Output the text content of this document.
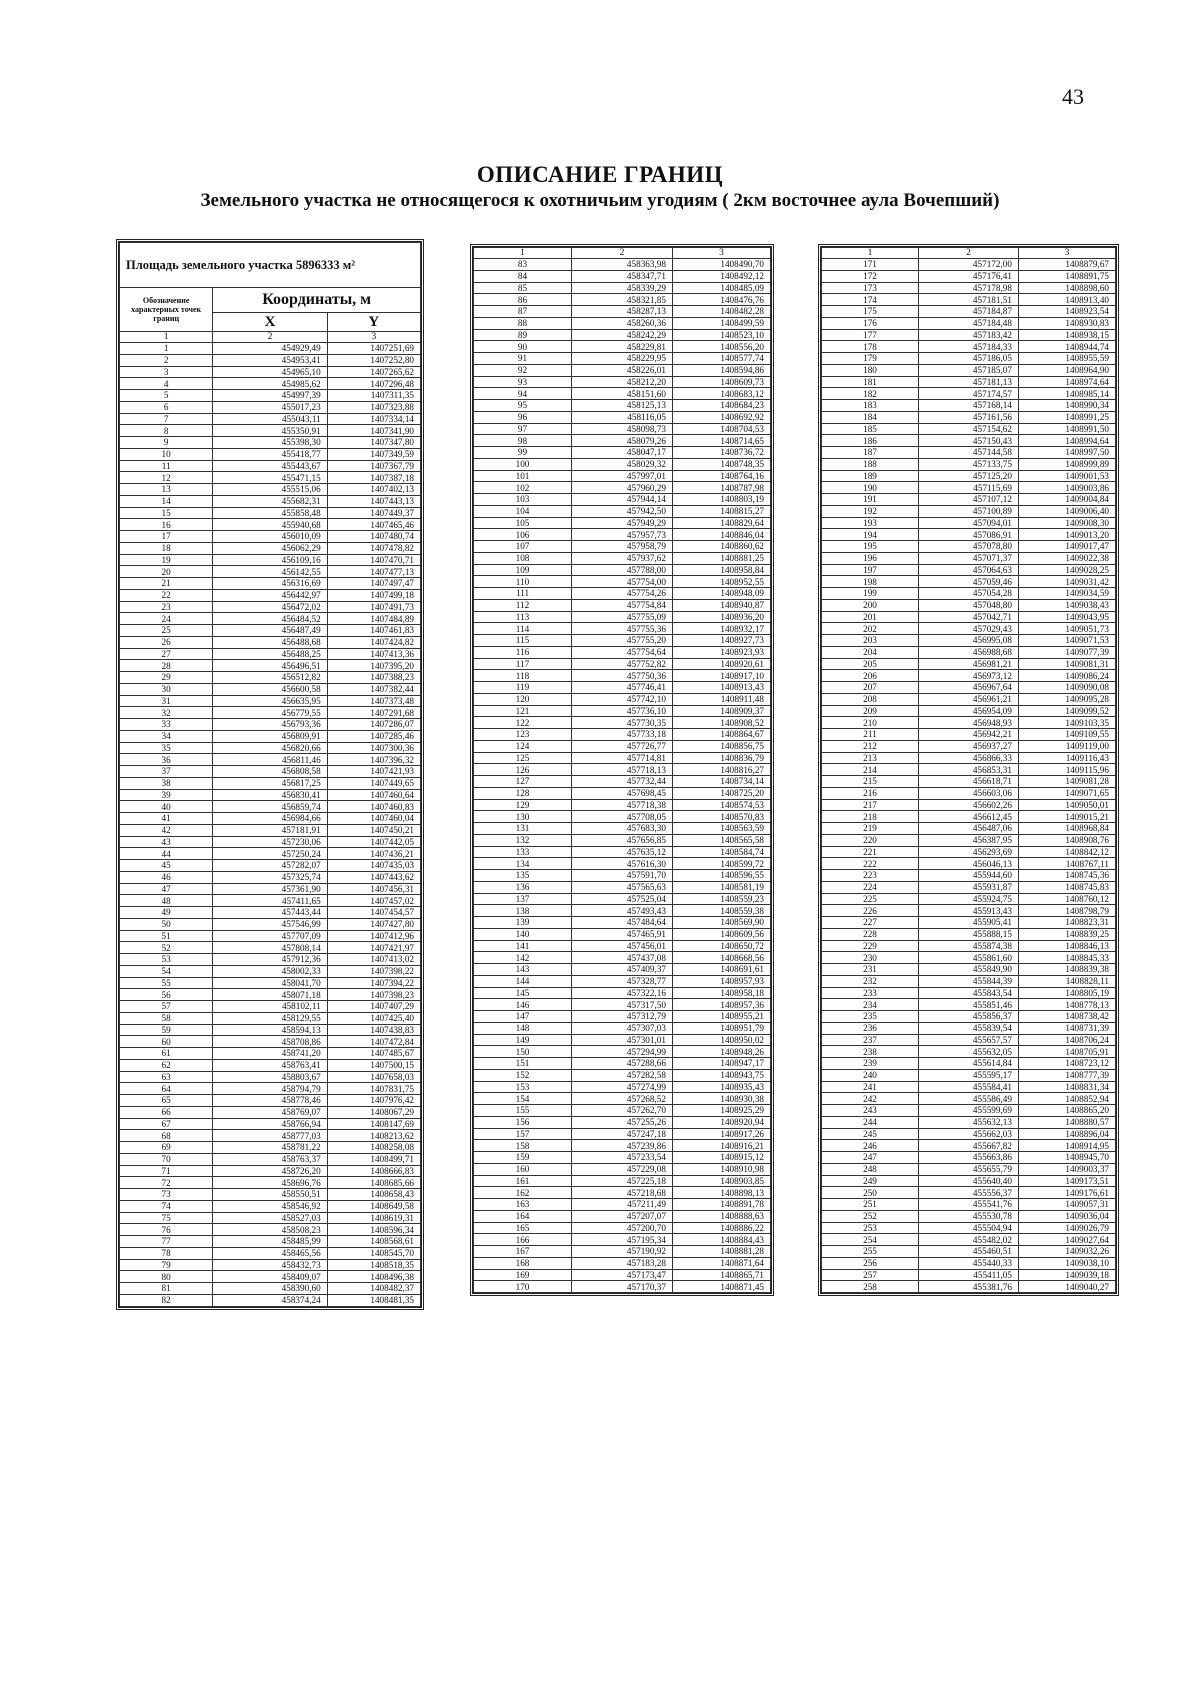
43
ОПИСАНИЕ ГРАНИЦ
Земельного участка не относящегося к охотничьим угодиям ( 2км восточнее аула Вочепший)
Площадь земельного участка 5896333 м²		
Обозначение характерных точек границ	Координаты, м	
	X	Y
1	2	3
1	454929,49	1407251,69
2	454953,41	1407252,80
3	454965,10	1407265,62
4	454985,62	1407296,48
5	454997,39	1407311,35
6	455017,23	1407323,88
7	455043,11	1407334,14
8	455350,91	1407341,90
9	455398,30	1407347,80
10	455418,77	1407349,59
11	455443,67	1407367,79
12	455471,15	1407387,18
13	455515,06	1407402,13
14	455682,31	1407443,13
15	455858,48	1407449,37
16	455940,68	1407465,46
17	456010,09	1407480,74
18	456062,29	1407478,82
19	456109,16	1407470,71
20	456142,55	1407477,13
21	456316,69	1407497,47
22	456442,97	1407499,18
23	456472,02	1407491,73
24	456484,52	1407484,89
25	456487,49	1407461,83
26	456488,68	1407424,82
27	456488,25	1407413,36
28	456496,51	1407395,20
29	456512,82	1407388,23
30	456600,58	1407382,44
31	456635,95	1407373,48
32	456779,55	1407291,68
33	456793,36	1407286,07
34	456809,91	1407285,46
35	456820,66	1407300,36
36	456811,46	1407396,32
37	456808,58	1407421,93
38	456817,25	1407449,65
39	456830,41	1407460,64
40	456859,74	1407460,83
41	456984,66	1407460,04
42	457181,91	1407450,21
43	457230,06	1407442,05
44	457250,24	1407436,21
45	457282,07	1407435,03
46	457325,74	1407443,62
47	457361,90	1407456,31
48	457411,65	1407457,02
49	457443,44	1407454,57
50	457546,99	1407427,80
51	457707,09	1407412,96
52	457808,14	1407421,97
53	457912,36	1407413,02
54	458002,33	1407398,22
55	458041,70	1407394,22
56	458071,18	1407398,23
57	458102,11	1407407,29
58	458129,55	1407425,40
59	458594,13	1407438,83
60	458708,86	1407472,84
61	458741,20	1407485,67
62	458763,41	1407500,15
63	458803,67	1407658,03
64	458794,79	1407831,75
65	458778,46	1407976,42
66	458769,07	1408067,29
67	458766,94	1408147,69
68	458777,03	1408213,62
69	458781,22	1408258,08
70	458763,37	1408499,71
71	458726,20	1408666,83
72	458696,76	1408685,66
73	458550,51	1408658,43
74	458546,92	1408649,58
75	458527,03	1408619,31
76	458508,23	1408596,34
77	458485,99	1408568,61
78	458465,56	1408545,70
79	458432,73	1408518,35
80	458409,07	1408496,38
81	458390,60	1408482,37
82	458374,24	1408481,35
1	2	3
83	458363,98	1408490,70
84	458347,71	1408492,12
85	458339,29	1408485,09
86	458321,85	1408476,76
87	458287,13	1408482,28
88	458260,36	1408499,59
89	458242,29	1408523,10
90	458229,81	1408556,20
91	458229,95	1408577,74
92	458226,01	1408594,86
93	458212,20	1408609,73
94	458151,60	1408683,12
95	458125,13	1408684,23
96	458116,05	1408692,92
97	458098,73	1408704,53
98	458079,26	1408714,65
99	458047,17	1408736,72
100	458029,32	1408748,35
101	457997,01	1408764,16
102	457960,29	1408787,98
103	457944,14	1408803,19
104	457942,50	1408815,27
105	457949,29	1408829,64
106	457957,73	1408846,04
107	457958,79	1408860,62
108	457937,62	1408881,25
109	457788,00	1408958,84
110	457754,00	1408952,55
111	457754,26	1408948,09
112	457754,84	1408940,87
113	457755,09	1408936,20
114	457755,36	1408932,17
115	457755,20	1408927,73
116	457754,64	1408923,93
117	457752,82	1408920,61
118	457750,36	1408917,10
119	457746,41	1408913,43
120	457742,10	1408911,48
121	457736,10	1408909,37
122	457730,35	1408908,52
123	457733,18	1408864,67
124	457726,77	1408856,75
125	457714,81	1408836,79
126	457718,13	1408816,27
127	457732,44	1408734,14
128	457698,45	1408725,20
129	457718,38	1408574,53
130	457708,05	1408570,83
131	457683,30	1408563,59
132	457656,85	1408565,58
133	457635,12	1408584,74
134	457616,30	1408599,72
135	457591,70	1408596,55
136	457565,63	1408581,19
137	457525,04	1408559,23
138	457493,43	1408559,38
139	457484,64	1408569,90
140	457465,91	1408609,56
141	457456,01	1408650,72
142	457437,08	1408668,56
143	457409,37	1408691,61
144	457328,77	1408957,93
145	457322,16	1408958,18
146	457317,50	1408957,36
147	457312,79	1408955,21
148	457307,03	1408951,79
149	457301,01	1408950,02
150	457294,99	1408948,26
151	457288,66	1408947,17
152	457282,58	1408943,75
153	457274,99	1408935,43
154	457268,52	1408930,38
155	457262,70	1408925,29
156	457255,26	1408920,94
157	457247,18	1408917,26
158	457239,86	1408916,21
159	457233,54	1408915,12
160	457229,08	1408910,98
161	457225,18	1408903,85
162	457218,68	1408898,13
163	457211,49	1408891,78
164	457207,07	1408888,63
165	457200,70	1408886,22
166	457195,34	1408884,43
167	457190,92	1408881,28
168	457183,28	1408871,64
169	457173,47	1408865,71
170	457170,37	1408871,45
1	2	3
171	457172,00	1408879,67
172	457176,41	1408891,75
173	457178,98	1408898,60
174	457181,51	1408913,40
175	457184,87	1408923,54
176	457184,48	1408930,83
177	457183,42	1408938,15
178	457184,33	1408944,74
179	457186,05	1408955,59
180	457185,07	1408964,90
181	457181,13	1408974,64
182	457174,57	1408985,14
183	457168,14	1408990,34
184	457161,56	1408991,25
185	457154,62	1408991,50
186	457150,43	1408994,64
187	457144,58	1408997,50
188	457133,75	1408999,89
189	457125,20	1409001,53
190	457115,69	1409003,86
191	457107,12	1409004,84
192	457100,89	1409006,40
193	457094,01	1409008,30
194	457086,91	1409013,20
195	457078,80	1409017,47
196	457071,37	1409022,38
197	457064,63	1409028,25
198	457059,46	1409031,42
199	457054,28	1409034,59
200	457048,80	1409038,43
201	457042,71	1409043,95
202	457029,43	1409051,73
203	456995,08	1409071,53
204	456988,68	1409077,39
205	456981,21	1409081,31
206	456973,12	1409086,24
207	456967,64	1409090,08
208	456961,21	1409095,28
209	456954,09	1409099,52
210	456948,93	1409103,35
211	456942,21	1409109,55
212	456937,27	1409119,00
213	456866,33	1409116,43
214	456853,31	1409115,96
215	456618,71	1409081,28
216	456603,06	1409071,65
217	456602,26	1409050,01
218	456612,45	1409015,21
219	456487,06	1408968,84
220	456387,95	1408908,76
221	456293,69	1408842,12
222	456046,13	1408767,11
223	455944,60	1408745,36
224	455931,87	1408745,83
225	455924,75	1408760,12
226	455913,43	1408798,79
227	455905,41	1408823,31
228	455888,15	1408839,25
229	455874,38	1408846,13
230	455861,60	1408845,33
231	455849,90	1408839,38
232	455844,39	1408828,11
233	455843,54	1408805,19
234	455851,46	1408778,13
235	455856,37	1408738,42
236	455839,54	1408731,39
237	455657,57	1408706,24
238	455632,05	1408705,91
239	455614,84	1408723,12
240	455595,17	1408777,39
241	455584,41	1408831,34
242	455586,49	1408852,94
243	455599,69	1408865,20
244	455632,13	1408880,57
245	455662,03	1408896,04
246	455667,82	1408914,95
247	455663,86	1408945,70
248	455655,79	1409003,37
249	455640,40	1409173,51
250	455556,37	1409176,61
251	455541,76	1409057,31
252	455530,78	1409036,04
253	455504,94	1409026,79
254	455482,02	1409027,64
255	455460,51	1409032,26
256	455440,33	1409038,10
257	455411,05	1409039,18
258	455381,76	1409040,27
